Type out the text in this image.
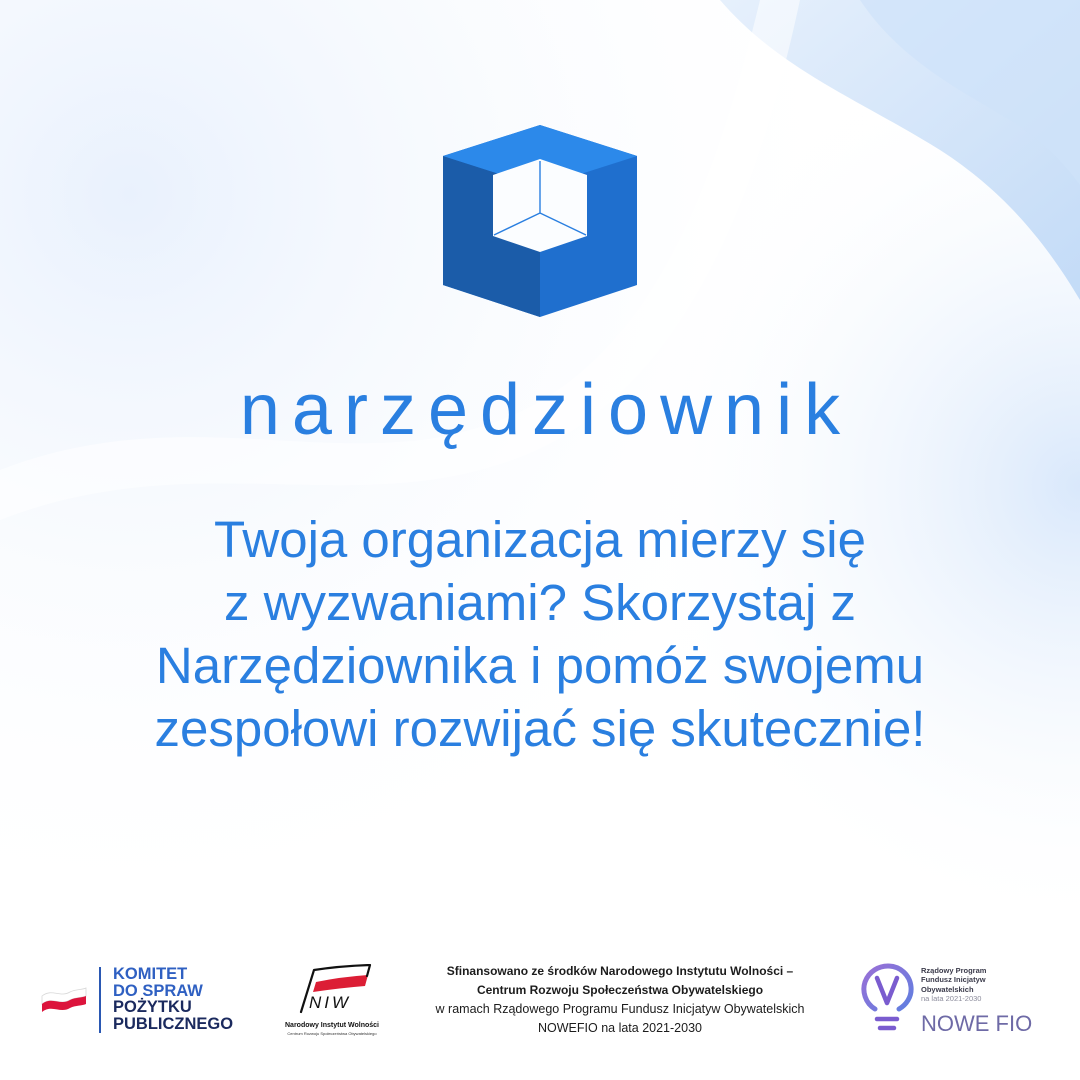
narzędziownik
Twoja organizacja mierzy się
z wyzwaniami? Skorzystaj z
Narzędziownika i pomóż swojemu
zespołowi rozwijać się skutecznie!
KOMITET
DO SPRAW
POŻYTKU
PUBLICZNEGO
NIW
Narodowy Instytut Wolności
Centrum Rozwoju Społeczeństwa Obywatelskiego
Sfinansowano ze środków Narodowego Instytutu Wolności –
Centrum Rozwoju Społeczeństwa Obywatelskiego
w ramach Rządowego Programu Fundusz Inicjatyw Obywatelskich
NOWEFIO na lata 2021-2030
Rządowy Program
Fundusz Inicjatyw
Obywatelskich
na lata 2021-2030
NOWE FIO
